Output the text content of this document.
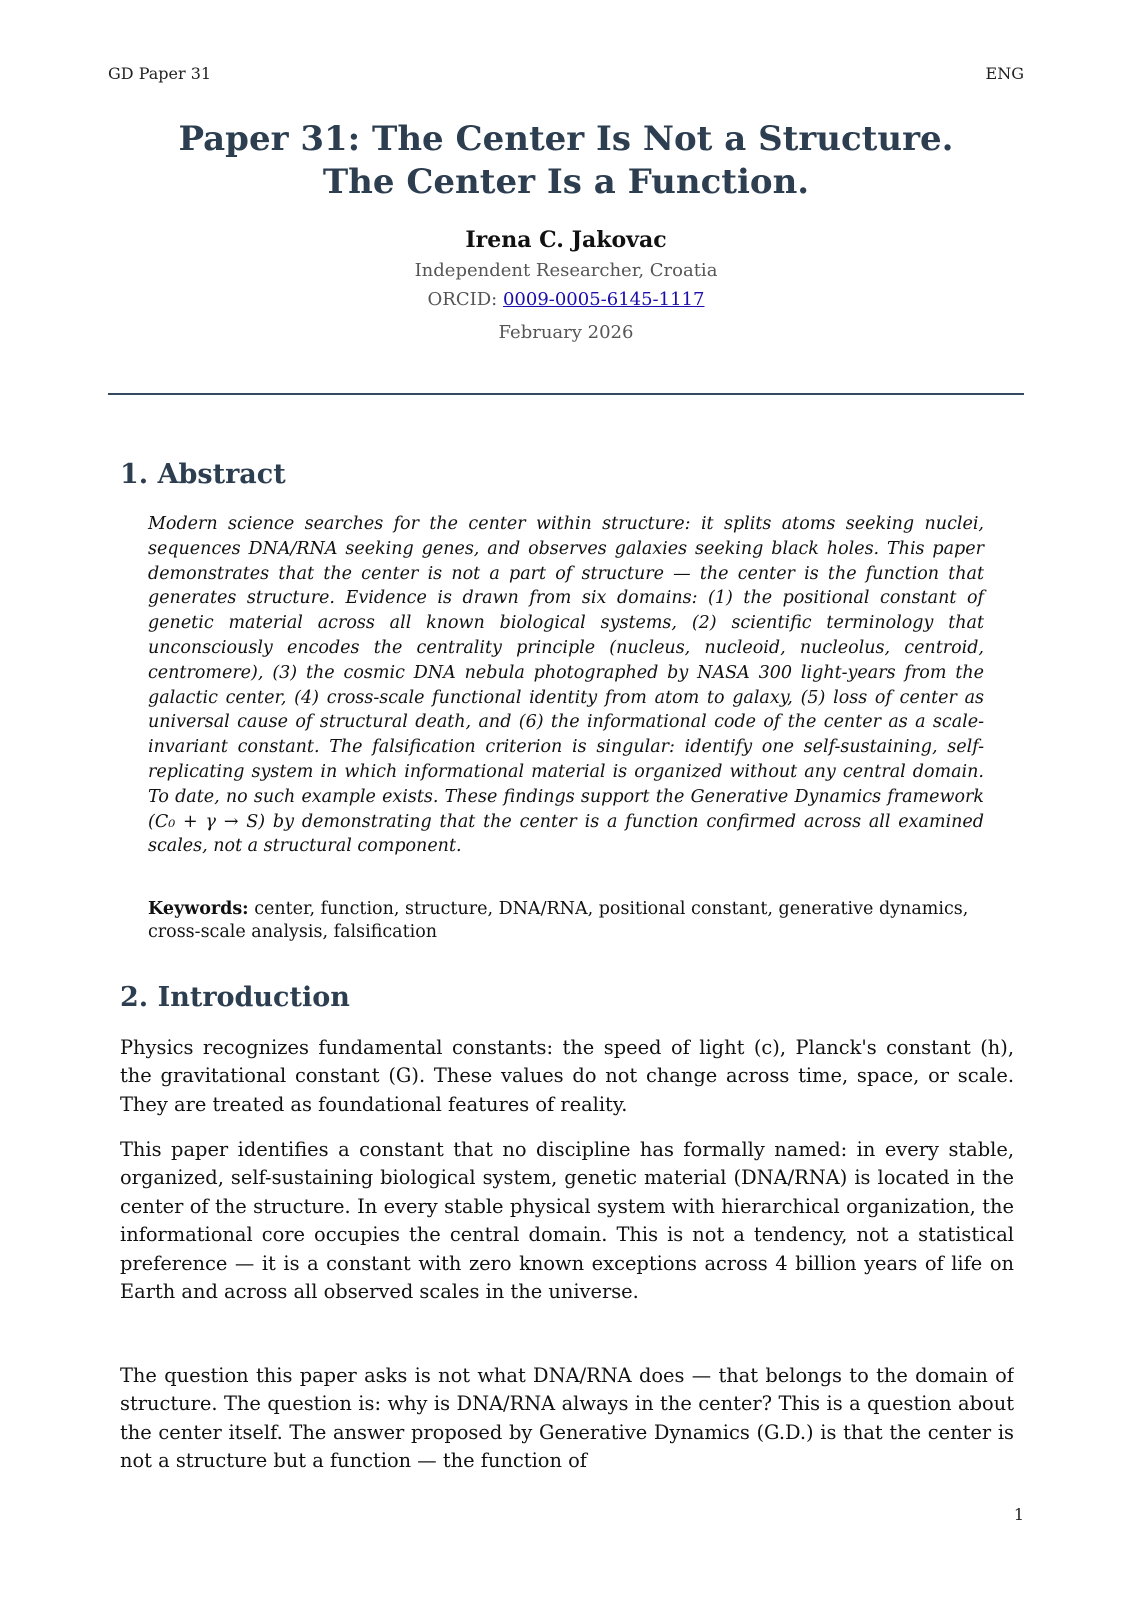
GD Paper 31	ENG
Paper 31: The Center Is Not a Structure.
The Center Is a Function.
Irena C. Jakovac
Independent Researcher, Croatia
ORCID: 0009-0005-6145-1117
February 2026
1. Abstract

Modern science searches for the center within structure: it splits atoms seeking nuclei, sequences DNA/RNA seeking genes, and observes galaxies seeking black holes. This paper demonstrates that the center is not a part of structure — the center is the function that generates structure. Evidence is drawn from six domains: (1) the positional constant of genetic material across all known biological systems, (2) scientific terminology that unconsciously encodes the centrality principle (nucleus, nucleoid, nucleolus, centroid, centromere), (3) the cosmic DNA nebula photographed by NASA 300 light-years from the galactic center, (4) cross-scale functional identity from atom to galaxy, (5) loss of center as universal cause of structural death, and (6) the informational code of the center as a scale-invariant constant. The falsification criterion is singular: identify one self-sustaining, self-replicating system in which informational material is organized without any central domain. To date, no such example exists. These findings support the Generative Dynamics framework (C₀ + γ → S) by demonstrating that the center is a function confirmed across all examined scales, not a structural component.

Keywords: center, function, structure, DNA/RNA, positional constant, generative dynamics, cross-scale analysis, falsification

2. Introduction

Physics recognizes fundamental constants: the speed of light (c), Planck's constant (h), the gravitational constant (G). These values do not change across time, space, or scale. They are treated as foundational features of reality.

This paper identifies a constant that no discipline has formally named: in every stable, organized, self-sustaining biological system, genetic material (DNA/RNA) is located in the center of the structure. In every stable physical system with hierarchical organization, the informational core occupies the central domain. This is not a tendency, not a statistical preference — it is a constant with zero known exceptions across 4 billion years of life on Earth and across all observed scales in the universe.

The question this paper asks is not what DNA/RNA does — that belongs to the domain of structure. The question is: why is DNA/RNA always in the center? This is a question about the center itself. The answer proposed by Generative Dynamics (G.D.) is that the center is not a structure but a function — the function of

1
